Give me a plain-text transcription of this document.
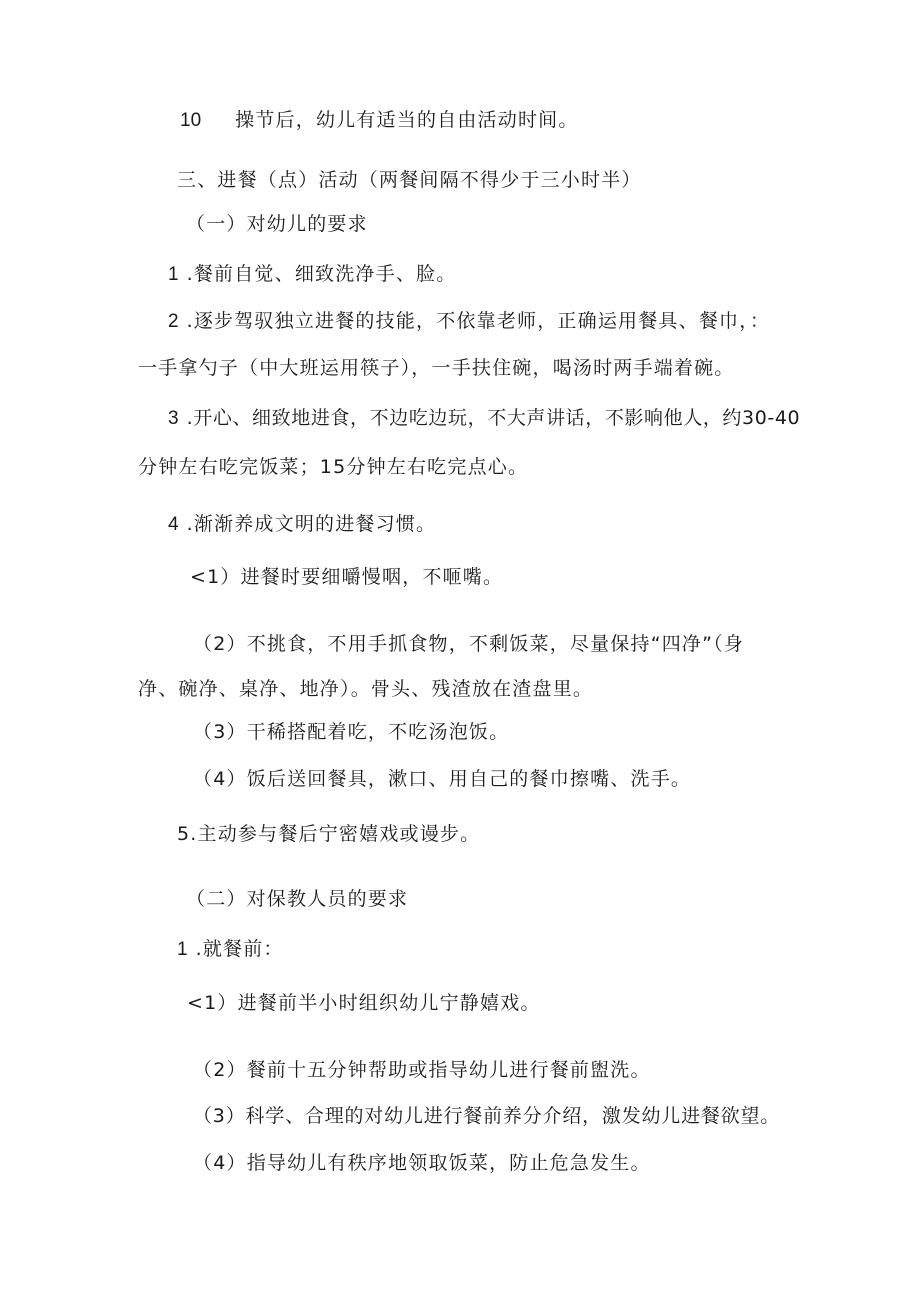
10 操节后，幼儿有适当的自由活动时间。
三、进餐（点）活动（两餐间隔不得少于三小时半）
（一）对幼儿的要求
1 .餐前自觉、细致洗净手、脸。
2 .逐步驾驭独立进餐的技能，不依靠老师，正确运用餐具、餐巾，：
一手拿勺子（中大班运用筷子），一手扶住碗，喝汤时两手端着碗。
3 .开心、细致地进食，不边吃边玩，不大声讲话，不影响他人，约30-40
分钟左右吃完饭菜；15分钟左右吃完点心。
4 .渐渐养成文明的进餐习惯。
<1）进餐时要细嚼慢咽，不咂嘴。
（2）不挑食，不用手抓食物，不剩饭菜，尽量保持“四净”（身
净、碗净、桌净、地净）。骨头、残渣放在渣盘里。
（3）干稀搭配着吃，不吃汤泡饭。
（4）饭后送回餐具，漱口、用自己的餐巾擦嘴、洗手。
5.主动参与餐后宁密嬉戏或谩步。
（二）对保教人员的要求
1 .就餐前：
<1）进餐前半小时组织幼儿宁静嬉戏。
（2）餐前十五分钟帮助或指导幼儿进行餐前盥洗。
（3）科学、合理的对幼儿进行餐前养分介绍，激发幼儿进餐欲望。
（4）指导幼儿有秩序地领取饭菜，防止危急发生。
